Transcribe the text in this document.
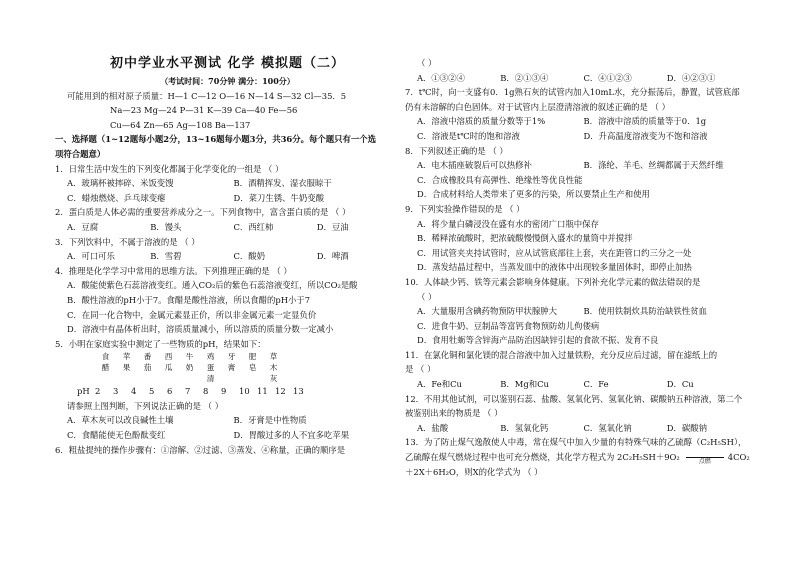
初中学业水平测试 化学 模拟题（二）
（考试时间：70分钟 满分：100分）

可能用到的相对原子质量：H—1 C—12 O—16 N—14 S—32 Cl—35．5

Na—23 Mg—24 P—31 K—39 Ca—40 Fe—56

Cu—64 Zn—65 Ag—108 Ba—137

一、选择题（1~12题每小题2分，13~16题每小题3分，共36分。每个题只有一个选

项符合题意）

1．日常生活中发生的下列变化都属于化学变化的一组是 （ ）

A．玻璃杯被摔碎、米饭变馊	B．酒精挥发、湿衣服晾干
C．蜡烛燃烧、乒乓球变瘪	D．菜刀生锈、牛奶变酸

2．蛋白质是人体必需的重要营养成分之一。下列食物中，富含蛋白质的是 （ ）

A．豆腐	B．馒头	C．西红柿	D．豆油

3．下列饮料中，不属于溶液的是 （ ）

A．可口可乐	B．雪碧	C．酸奶	D．啤酒

4．推理是化学学习中常用的思维方法。下列推理正确的是 （ ）

A．酸能使紫色石蕊溶液变红。通入CO₂后的紫色石蕊溶液变红，所以CO₂是酸

B．酸性溶液的pH小于7。食醋是酸性溶液，所以食醋的pH小于7

C．在同一化合物中，金属元素显正价，所以非金属元素一定显负价

D．溶液中有晶体析出时，溶质质量减小，所以溶质的质量分数一定减小

5．小明在家庭实验中测定了一些物质的pH，结果如下：

食
醋
苹
果
番
茄
西
瓜
牛
奶
鸡
蛋
清
牙
膏
肥
皂
草
木
灰
pH 2	3	4	5	6	7	8	9	10 11 12 13

请参照上图判断，下列说法正确的是 （ ）

A．草木灰可以改良碱性土壤	B．牙膏是中性物质
C．食醋能使无色酚酞变红	D．胃酸过多的人不宜多吃苹果

6．粗盐提纯的操作步骤有：①溶解、②过滤、③蒸发、④称量，正确的顺序是

（ ）

A．①③②④	B．②①③④	C．④①②③	D．④②③①

7．t℃时，向一支盛有0．1g熟石灰的试管内加入10mL水，充分振荡后，静置，试管底部

仍有未溶解的白色固体。对于试管内上层澄清溶液的叙述正确的是 （ ）

A．溶液中溶质的质量分数等于1%	B．溶液中溶质的质量等于0．1g
C．溶液是t℃时的饱和溶液	D．升高温度溶液变为不饱和溶液

8．下列叙述正确的是 （ ）

A．电木插座破裂后可以热修补	B．涤纶、羊毛、丝绸都属于天然纤维

C．合成橡胶具有高弹性、绝缘性等优良性能

D．合成材料给人类带来了更多的污染，所以要禁止生产和使用

9．下列实验操作错误的是 （ ）

A．将少量白磷浸没在盛有水的密闭广口瓶中保存

B．稀释浓硫酸时，把浓硫酸慢慢倒入盛水的量筒中并搅拌

C．用试管夹夹持试管时，应从试管底部往上套，夹在距管口约三分之一处

D．蒸发结晶过程中，当蒸发皿中的液体中出现较多量固体时，即停止加热

10．人体缺少钙、铁等元素会影响身体健康。下列补充化学元素的做法错误的是

（ ）

A．大量服用含碘药物预防甲状腺肿大	B．使用铁制炊具防治缺铁性贫血

C．进食牛奶、豆制品等富钙食物预防幼儿佝偻病

D．食用牡蛎等含锌海产品防治因缺锌引起的食欲不振、发育不良

11．在氯化铜和氯化镁的混合溶液中加入过量铁粉，充分反应后过滤，留在滤纸上的

是 （ ）

A．Fe和Cu	B．Mg和Cu	C．Fe	D．Cu

12．不用其他试剂，可以鉴别石蕊、盐酸、氢氧化钙、氢氧化钠、碳酸钠五种溶液，第二个

被鉴别出来的物质是 （ ）

A．盐酸	B．氢氧化钙	C．氢氧化钠	D．碳酸钠

13．为了防止煤气逸散使人中毒，常在煤气中加入少量的有特殊气味的乙硫醇（C₂H₅SH），

乙硫醇在煤气燃烧过程中也可充分燃烧，其化学方程式为 2C₂H₅SH＋9O₂	点燃 4CO₂

＋2X＋6H₂O，则X的化学式为 （ ）
